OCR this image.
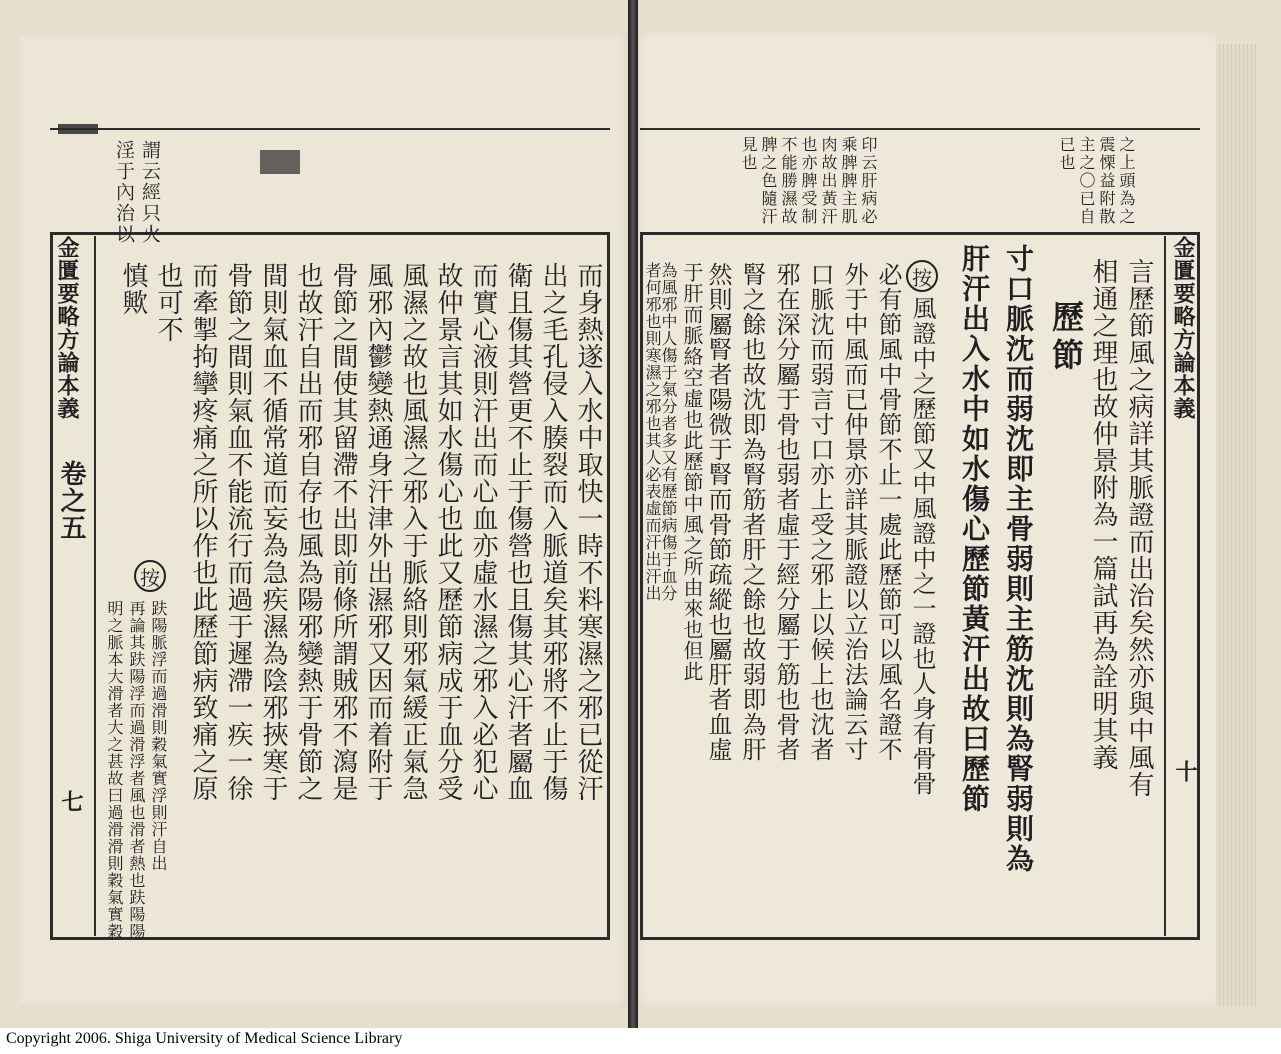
謂云經只火
淫于內治以
金匱要略方論本義
卷之五
七	而身熱遂入水中取快一時不料寒濕之邪已從汗
出之毛孔侵入腠裂而入脈道矣其邪將不止于傷
衛且傷其營更不止于傷營也且傷其心汗者屬血
而實心液則汗出而心血亦虛水濕之邪入必犯心
故仲景言其如水傷心也此又歷節病成于血分受
風濕之故也風濕之邪入于脈絡則邪氣緩正氣急
風邪內鬱變熱通身汗津外出濕邪又因而着附于
骨節之間使其留滯不出即前條所謂賊邪不瀉是
也故汗自出而邪自存也風為陽邪變熱于骨節之
間則氣血不循常道而妄為急疾濕為陰邪挾寒于
骨節之間則氣血不能流行而過于遲滯一疾一徐
而牽掣拘攣疼痛之所以作也此歷節病致痛之原
之上頭為之
震慄益附散
主之〇已自
已也
印云肝病必
乘脾脾主肌
肉故出黃汗
也亦脾受制
不能勝濕故
脾之色隨汗
見也
金匱要略方論本義
十
言歷節風之病詳其脈證而出治矣然亦與中風有
相通之理也故仲景附為一篇試再為詮明其義
歷節
寸口脈沈而弱沈即主骨弱則主筋沈則為腎弱則為
肝汗出入水中如水傷心歷節黃汗出故曰歷節
按
風證中之歷節又中風證中之一證也人身有骨骨
必有節風中骨節不止一處此歷節可以風名證不
外于中風而已仲景亦詳其脈證以立治法論云寸
口脈沈而弱言寸口亦上受之邪上以候上也沈者
邪在深分屬于骨也弱者虛于經分屬于筋也骨者
腎之餘也故沈即為腎筋者肝之餘也故弱即為肝
然則屬腎者陽微于腎而骨節疏縱也屬肝者血虛
也可不
慎歟
按
趺陽脈浮而過滑則穀氣實浮則汗自出
再論其趺陽浮而過滑浮者風也滑者熱也趺陽陽
明之脈本大滑者大之甚故曰過滑滑則穀氣實穀
于肝而脈絡空虛也此歷節中風之所由來也但此
為風邪中人傷于氣分者多又有歷節病傷于血分
者何邪也則寒濕之邪也其人必表虛而汗出汗出
Copyright 2006. Shiga University of Medical Science Library
